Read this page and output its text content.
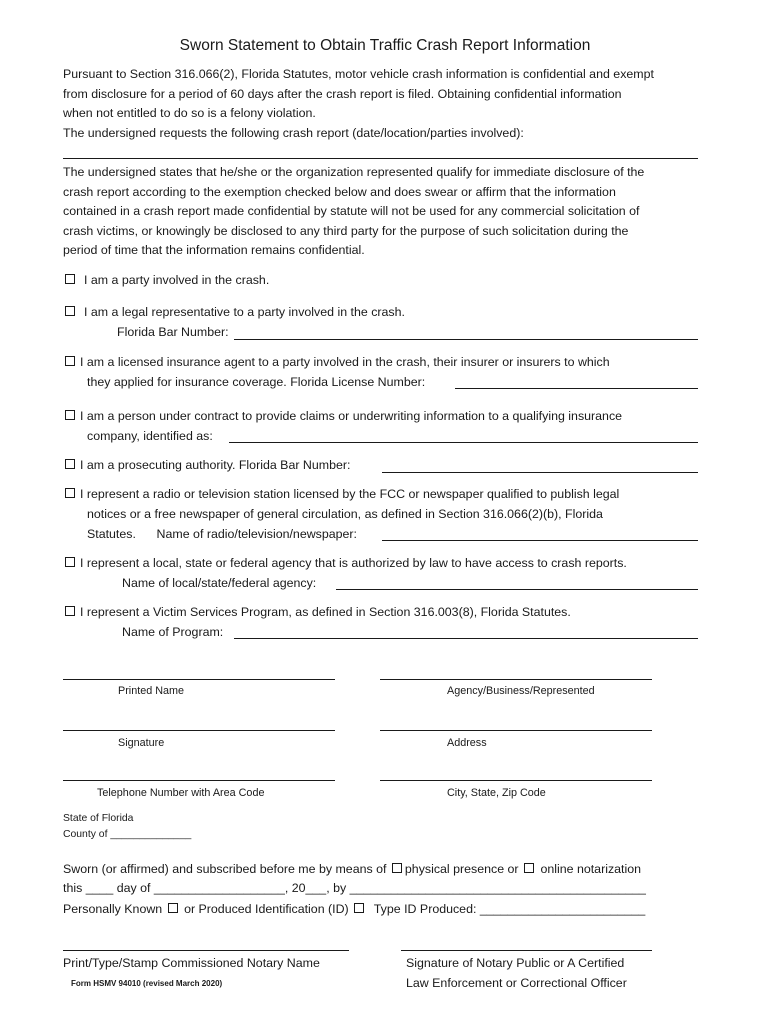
Sworn Statement to Obtain Traffic Crash Report Information
Pursuant to Section 316.066(2), Florida Statutes, motor vehicle crash information is confidential and exempt
from disclosure for a period of 60 days after the crash report is filed. Obtaining confidential information
when not entitled to do so is a felony violation.
The undersigned requests the following crash report (date/location/parties involved):
The undersigned states that he/she or the organization represented qualify for immediate disclosure of the
crash report according to the exemption checked below and does swear or affirm that the information
contained in a crash report made confidential by statute will not be used for any commercial solicitation of
crash victims, or knowingly be disclosed to any third party for the purpose of such solicitation during the
period of time that the information remains confidential.
I am a party involved in the crash.
I am a legal representative to a party involved in the crash.
Florida Bar Number:
I am a licensed insurance agent to a party involved in the crash, their insurer or insurers to which
they applied for insurance coverage. Florida License Number:
I am a person under contract to provide claims or underwriting information to a qualifying insurance
company, identified as:
I am a prosecuting authority. Florida Bar Number:
I represent a radio or television station licensed by the FCC or newspaper qualified to publish legal
notices or a free newspaper of general circulation, as defined in Section 316.066(2)(b), Florida
Statutes.      Name of radio/television/newspaper:
I represent a local, state or federal agency that is authorized by law to have access to crash reports.
Name of local/state/federal agency:
I represent a Victim Services Program, as defined in Section 316.003(8), Florida Statutes.
Name of Program:
Printed Name	Agency/Business/Represented
Signature	Address
Telephone Number with Area Code	City, State, Zip Code
State of Florida
County of ______________
Sworn (or affirmed) and subscribed before me by means of physical presence or  online notarization
this ____ day of ___________________, 20___, by ___________________________________________
Personally Known  or Produced Identification (ID)   Type ID Produced: ________________________
Print/Type/Stamp Commissioned Notary Name	Signature of Notary Public or A Certified
Form HSMV 94010 (revised March 2020)	Law Enforcement or Correctional Officer
